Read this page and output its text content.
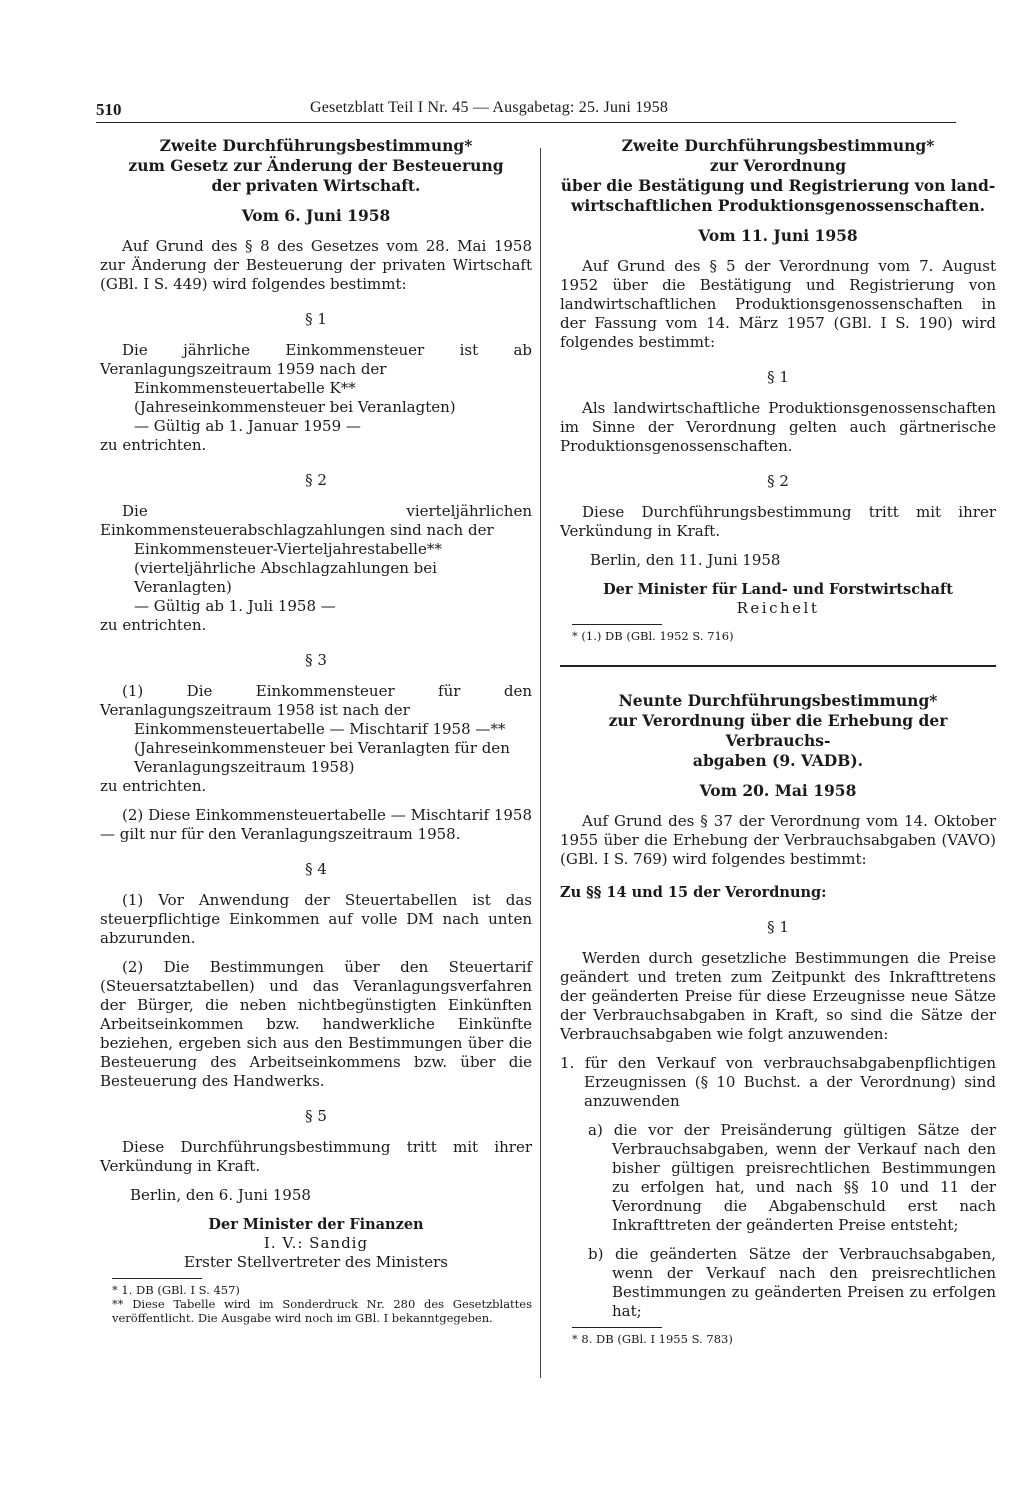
510	Gesetzblatt Teil I Nr. 45 — Ausgabetag: 25. Juni 1958
Zweite Durchführungsbestimmung*
zum Gesetz zur Änderung der Besteuerung
der privaten Wirtschaft.
Vom 6. Juni 1958

Auf Grund des § 8 des Gesetzes vom 28. Mai 1958 zur Änderung der Besteuerung der privaten Wirtschaft (GBl. I S. 449) wird folgendes bestimmt:

§ 1

Die jährliche Einkommensteuer ist ab Veranlagungszeitraum 1959 nach der

Einkommensteuertabelle K**
(Jahreseinkommensteuer bei Veranlagten)
— Gültig ab 1. Januar 1959 —
zu entrichten.
§ 2

Die vierteljährlichen Einkommensteuerabschlagzahlungen sind nach der

Einkommensteuer-Vierteljahrestabelle**
(vierteljährliche Abschlagzahlungen bei Veranlagten)
— Gültig ab 1. Juli 1958 —
zu entrichten.
§ 3

(1) Die Einkommensteuer für den Veranlagungszeitraum 1958 ist nach der

Einkommensteuertabelle — Mischtarif 1958 —**
(Jahreseinkommensteuer bei Veranlagten für den Veranlagungszeitraum 1958)
zu entrichten.

(2) Diese Einkommensteuertabelle — Mischtarif 1958 — gilt nur für den Veranlagungszeitraum 1958.

§ 4

(1) Vor Anwendung der Steuertabellen ist das steuerpflichtige Einkommen auf volle DM nach unten abzurunden.

(2) Die Bestimmungen über den Steuertarif (Steuersatztabellen) und das Veranlagungsverfahren der Bürger, die neben nichtbegünstigten Einkünften Arbeitseinkommen bzw. handwerkliche Einkünfte beziehen, ergeben sich aus den Bestimmungen über die Besteuerung des Arbeitseinkommens bzw. über die Besteuerung des Handwerks.

§ 5

Diese Durchführungsbestimmung tritt mit ihrer Verkündung in Kraft.

Berlin, den 6. Juni 1958
Der Minister der Finanzen
I. V.: Sandig
Erster Stellvertreter des Ministers
* 1. DB (GBl. I S. 457)
** Diese Tabelle wird im Sonderdruck Nr. 280 des Gesetzblattes veröffentlicht. Die Ausgabe wird noch im GBl. I bekanntgegeben.
Zweite Durchführungsbestimmung*
zur Verordnung
über die Bestätigung und Registrierung von land-
wirtschaftlichen Produktionsgenossenschaften.
Vom 11. Juni 1958

Auf Grund des § 5 der Verordnung vom 7. August 1952 über die Bestätigung und Registrierung von landwirtschaftlichen Produktionsgenossenschaften in der Fassung vom 14. März 1957 (GBl. I S. 190) wird folgendes bestimmt:

§ 1

Als landwirtschaftliche Produktionsgenossenschaften im Sinne der Verordnung gelten auch gärtnerische Produktionsgenossenschaften.

§ 2

Diese Durchführungsbestimmung tritt mit ihrer Verkündung in Kraft.

Berlin, den 11. Juni 1958
Der Minister für Land- und Forstwirtschaft
Reichelt
* (1.) DB (GBl. 1952 S. 716)
Neunte Durchführungsbestimmung*
zur Verordnung über die Erhebung der Verbrauchs-
abgaben (9. VADB).
Vom 20. Mai 1958

Auf Grund des § 37 der Verordnung vom 14. Oktober 1955 über die Erhebung der Verbrauchsabgaben (VAVO) (GBl. I S. 769) wird folgendes bestimmt:

Zu §§ 14 und 15 der Verordnung:
§ 1

Werden durch gesetzliche Bestimmungen die Preise geändert und treten zum Zeitpunkt des Inkrafttretens der geänderten Preise für diese Erzeugnisse neue Sätze der Verbrauchsabgaben in Kraft, so sind die Sätze der Verbrauchsabgaben wie folgt anzuwenden:

1. für den Verkauf von verbrauchsabgabenpflichtigen Erzeugnissen (§ 10 Buchst. a der Verordnung) sind anzuwenden

a) die vor der Preisänderung gültigen Sätze der Verbrauchsabgaben, wenn der Verkauf nach den bisher gültigen preisrechtlichen Bestimmungen zu erfolgen hat, und nach §§ 10 und 11 der Verordnung die Abgabenschuld erst nach Inkrafttreten der geänderten Preise entsteht;

b) die geänderten Sätze der Verbrauchsabgaben, wenn der Verkauf nach den preisrechtlichen Bestimmungen zu geänderten Preisen zu erfolgen hat;

* 8. DB (GBl. I 1955 S. 783)
